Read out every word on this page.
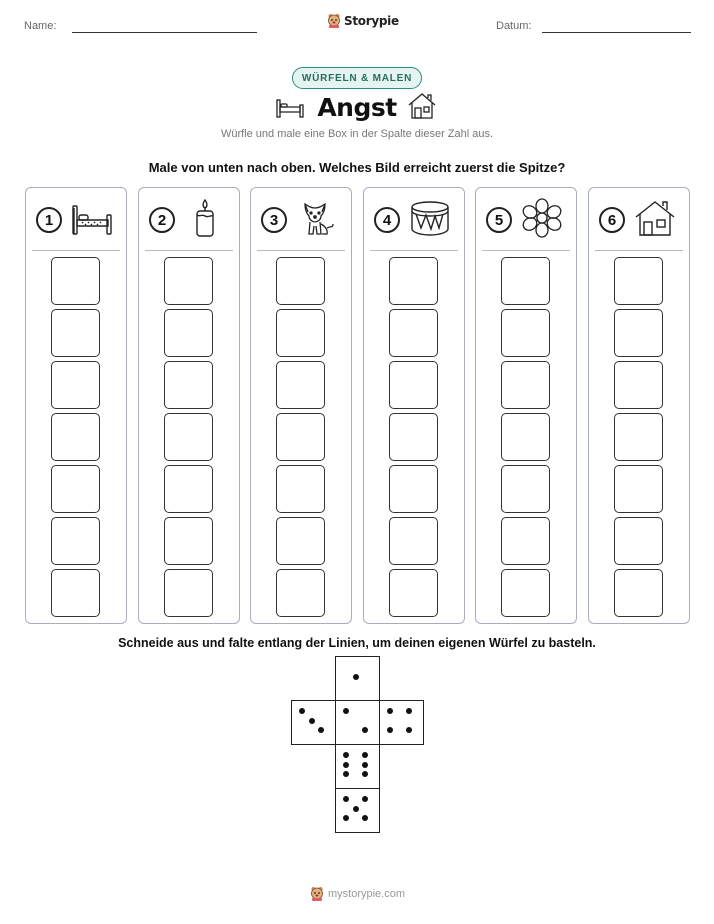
Name:	Storypie	Datum:
WÜRFELN & MALEN
Angst
Würfle und male eine Box in der Spalte dieser Zahl aus.
Male von unten nach oben. Welches Bild erreicht zuerst die Spitze?
1	2	3	4	5	6
Schneide aus und falte entlang der Linien, um deinen eigenen Würfel zu basteln.
mystorypie.com
